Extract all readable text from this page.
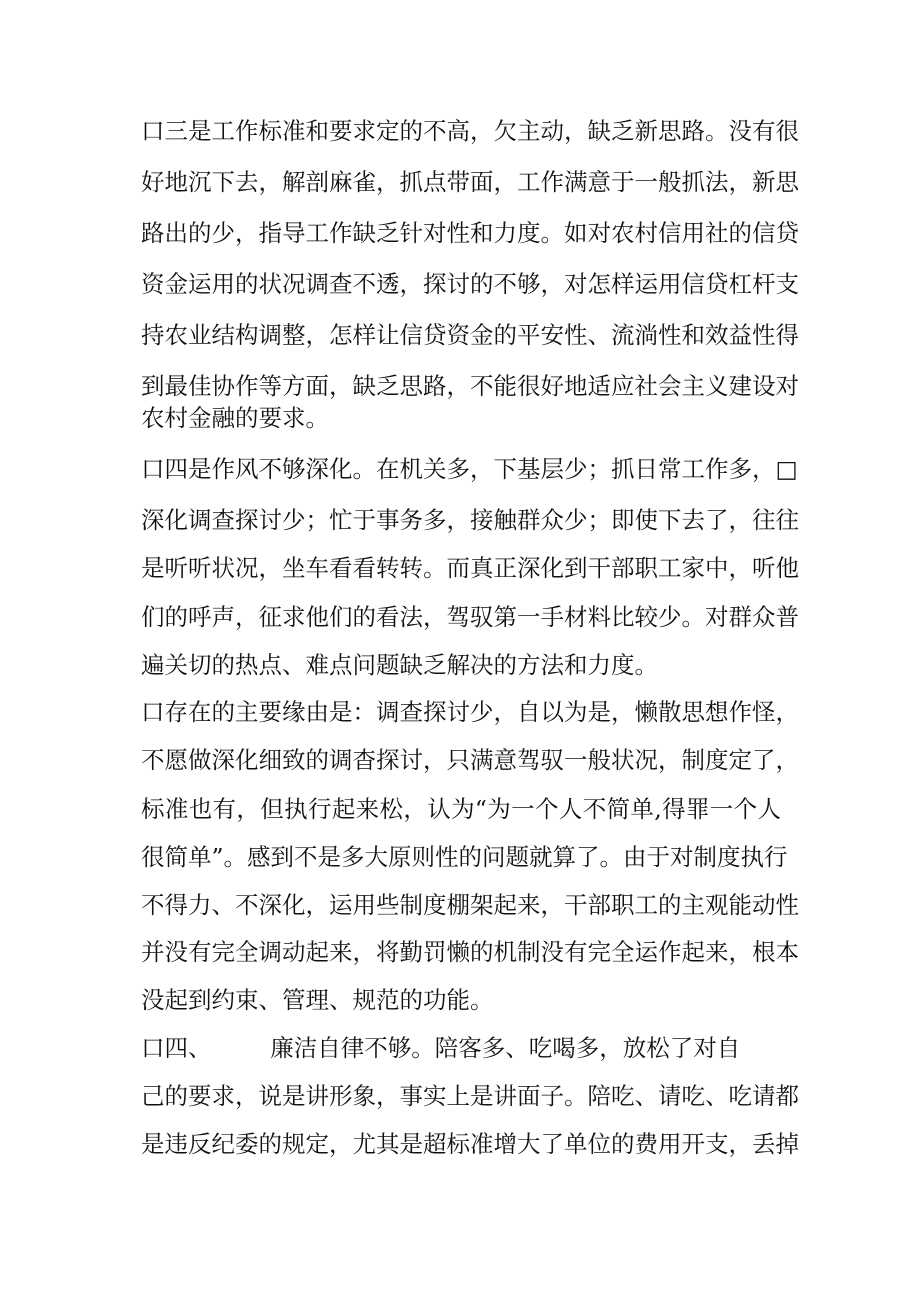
口三是工作标准和要求定的不高，欠主动，缺乏新思路。没有很
好地沉下去，解剖麻雀，抓点带面，工作满意于一般抓法，新思
路出的少，指导工作缺乏针对性和力度。如对农村信用社的信贷
资金运用的状况调查不透，探讨的不够，对怎样运用信贷杠杆支
持农业结构调整，怎样让信贷资金的平安性、流淌性和效益性得
到最佳协作等方面，缺乏思路，不能很好地适应社会主义建设对
农村金融的要求。
口四是作风不够深化。在机关多，下基层少；抓日常工作多，□
深化调查探讨少；忙于事务多，接触群众少；即使下去了，往往
是听听状况，坐车看看转转。而真正深化到干部职工家中，听他
们的呼声，征求他们的看法，驾驭第一手材料比较少。对群众普
遍关切的热点、难点问题缺乏解决的方法和力度。
口存在的主要缘由是：调查探讨少，自以为是，懒散思想作怪，
不愿做深化细致的调杳探讨，只满意驾驭一般状况，制度定了，
标准也有，但执行起来松，认为“为一个人不简单,得罪一个人
很简单”。感到不是多大原则性的问题就算了。由于对制度执行
不得力、不深化，运用些制度棚架起来，干部职工的主观能动性
并没有完全调动起来，将勤罚懒的机制没有完全运作起来，根本
没起到约束、管理、规范的功能。
口四、　　　廉洁自律不够。陪客多、吃喝多，放松了对自
己的要求，说是讲形象，事实上是讲面子。陪吃、请吃、吃请都
是违反纪委的规定，尤其是超标准增大了单位的费用开支，丢掉
